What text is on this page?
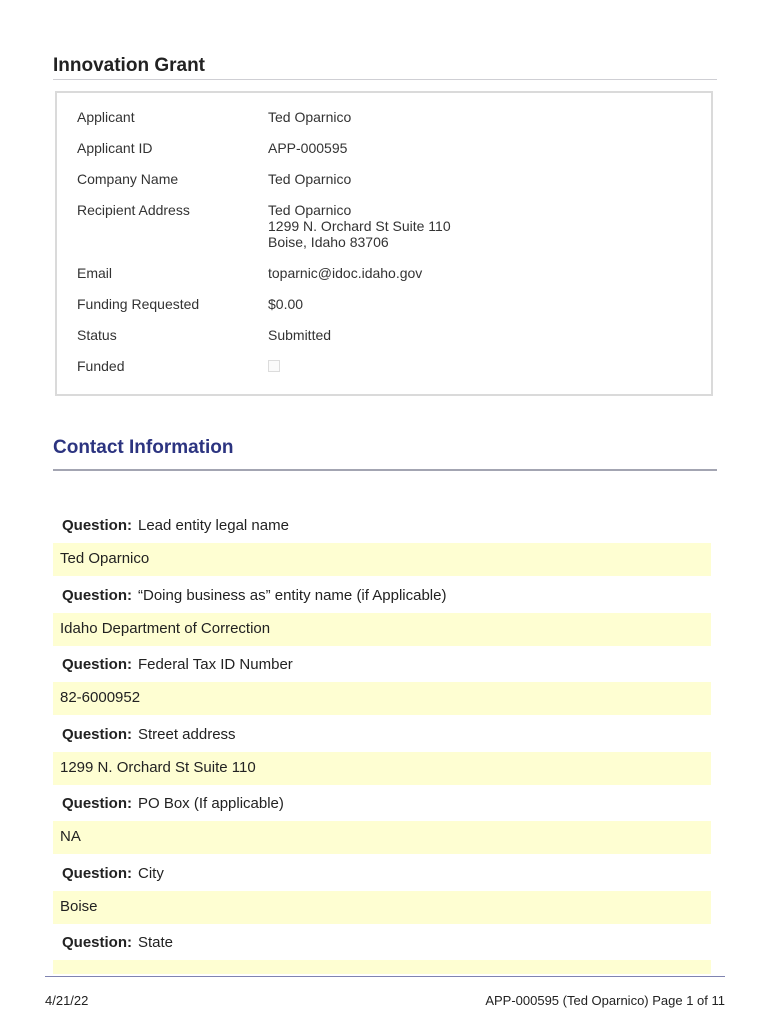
Innovation Grant
Applicant	Ted Oparnico
Applicant ID	APP-000595
Company Name	Ted Oparnico
Recipient Address	Ted Oparnico
1299 N. Orchard St Suite 110
Boise, Idaho 83706
Email	toparnic@idoc.idaho.gov
Funding Requested	$0.00
Status	Submitted
Funded
Contact Information
Question: Lead entity legal name
Ted Oparnico
Question: “Doing business as” entity name (if Applicable)
Idaho Department of Correction
Question: Federal Tax ID Number
82-6000952
Question: Street address
1299 N. Orchard St Suite 110
Question: PO Box (If applicable)
NA
Question: City
Boise
Question: State
4/21/22	APP-000595 (Ted Oparnico) Page 1 of 11
